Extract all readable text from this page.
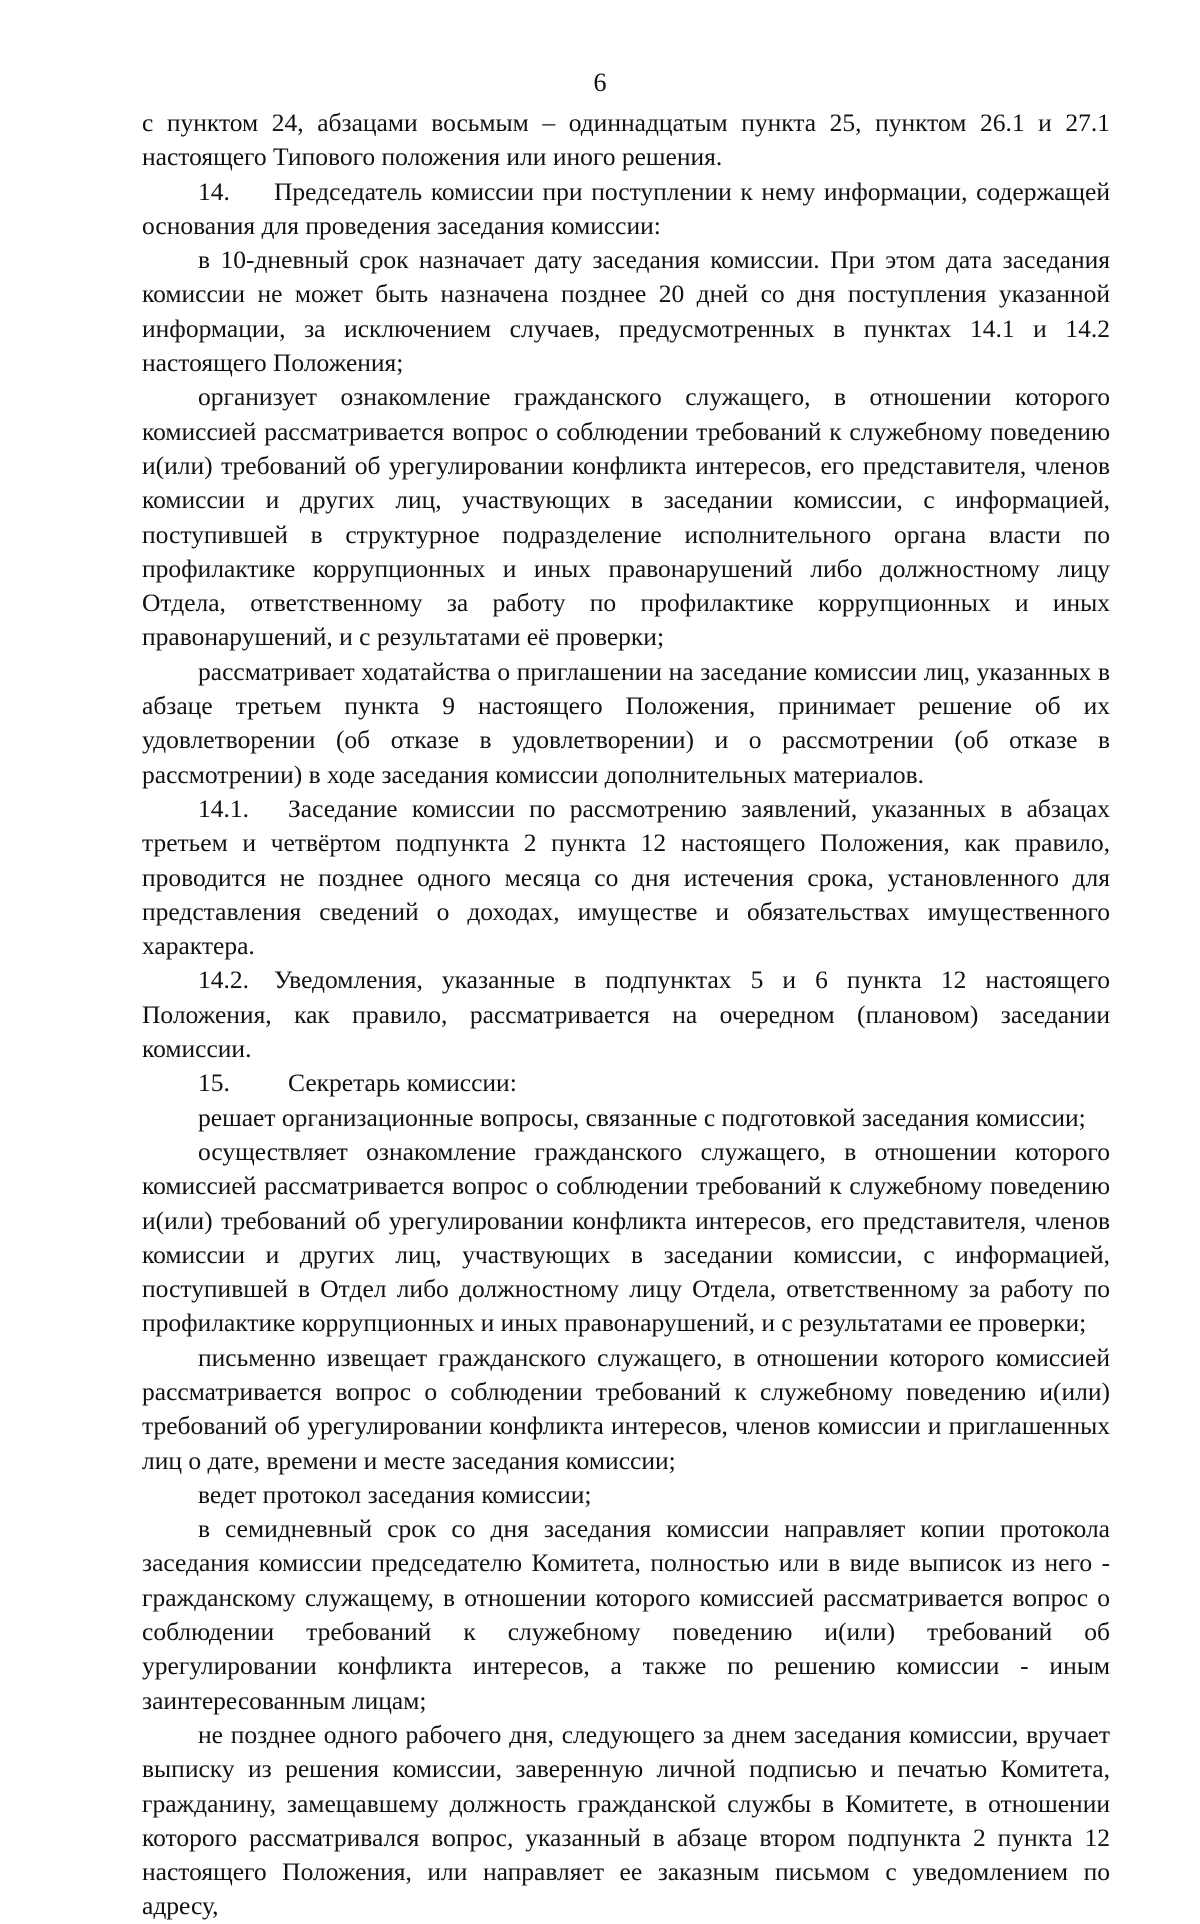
6

с пунктом 24, абзацами восьмым – одиннадцатым пункта 25, пунктом 26.1 и 27.1 настоящего Типового положения или иного решения.

14. Председатель комиссии при поступлении к нему информации, содержащей основания для проведения заседания комиссии:

в 10-дневный срок назначает дату заседания комиссии. При этом дата заседания комиссии не может быть назначена позднее 20 дней со дня поступления указанной информации, за исключением случаев, предусмотренных в пунктах 14.1 и 14.2 настоящего Положения;

организует ознакомление гражданского служащего, в отношении которого комиссией рассматривается вопрос о соблюдении требований к служебному поведению и(или) требований об урегулировании конфликта интересов, его представителя, членов комиссии и других лиц, участвующих в заседании комиссии, с информацией, поступившей в структурное подразделение исполнительного органа власти по профилактике коррупционных и иных правонарушений либо должностному лицу Отдела, ответственному за работу по профилактике коррупционных и иных правонарушений, и с результатами её проверки;

рассматривает ходатайства о приглашении на заседание комиссии лиц, указанных в абзаце третьем пункта 9 настоящего Положения, принимает решение об их удовлетворении (об отказе в удовлетворении) и о рассмотрении (об отказе в рассмотрении) в ходе заседания комиссии дополнительных материалов.

14.1. Заседание комиссии по рассмотрению заявлений, указанных в абзацах третьем и четвёртом подпункта 2 пункта 12 настоящего Положения, как правило, проводится не позднее одного месяца со дня истечения срока, установленного для представления сведений о доходах, имуществе и обязательствах имущественного характера.

14.2. Уведомления, указанные в подпунктах 5 и 6 пункта 12 настоящего Положения, как правило, рассматривается на очередном (плановом) заседании комиссии.

15. Секретарь комиссии:

решает организационные вопросы, связанные с подготовкой заседания комиссии;

осуществляет ознакомление гражданского служащего, в отношении которого комиссией рассматривается вопрос о соблюдении требований к служебному поведению и(или) требований об урегулировании конфликта интересов, его представителя, членов комиссии и других лиц, участвующих в заседании комиссии, с информацией, поступившей в Отдел либо должностному лицу Отдела, ответственному за работу по профилактике коррупционных и иных правонарушений, и с результатами ее проверки;

письменно извещает гражданского служащего, в отношении которого комиссией рассматривается вопрос о соблюдении требований к служебному поведению и(или) требований об урегулировании конфликта интересов, членов комиссии и приглашенных лиц о дате, времени и месте заседания комиссии;

ведет протокол заседания комиссии;

в семидневный срок со дня заседания комиссии направляет копии протокола заседания комиссии председателю Комитета, полностью или в виде выписок из него - гражданскому служащему, в отношении которого комиссией рассматривается вопрос о соблюдении требований к служебному поведению и(или) требований об урегулировании конфликта интересов, а также по решению комиссии - иным заинтересованным лицам;

не позднее одного рабочего дня, следующего за днем заседания комиссии, вручает выписку из решения комиссии, заверенную личной подписью и печатью Комитета, гражданину, замещавшему должность гражданской службы в Комитете, в отношении которого рассматривался вопрос, указанный в абзаце втором подпункта 2 пункта 12 настоящего Положения, или направляет ее заказным письмом с уведомлением по адресу,
